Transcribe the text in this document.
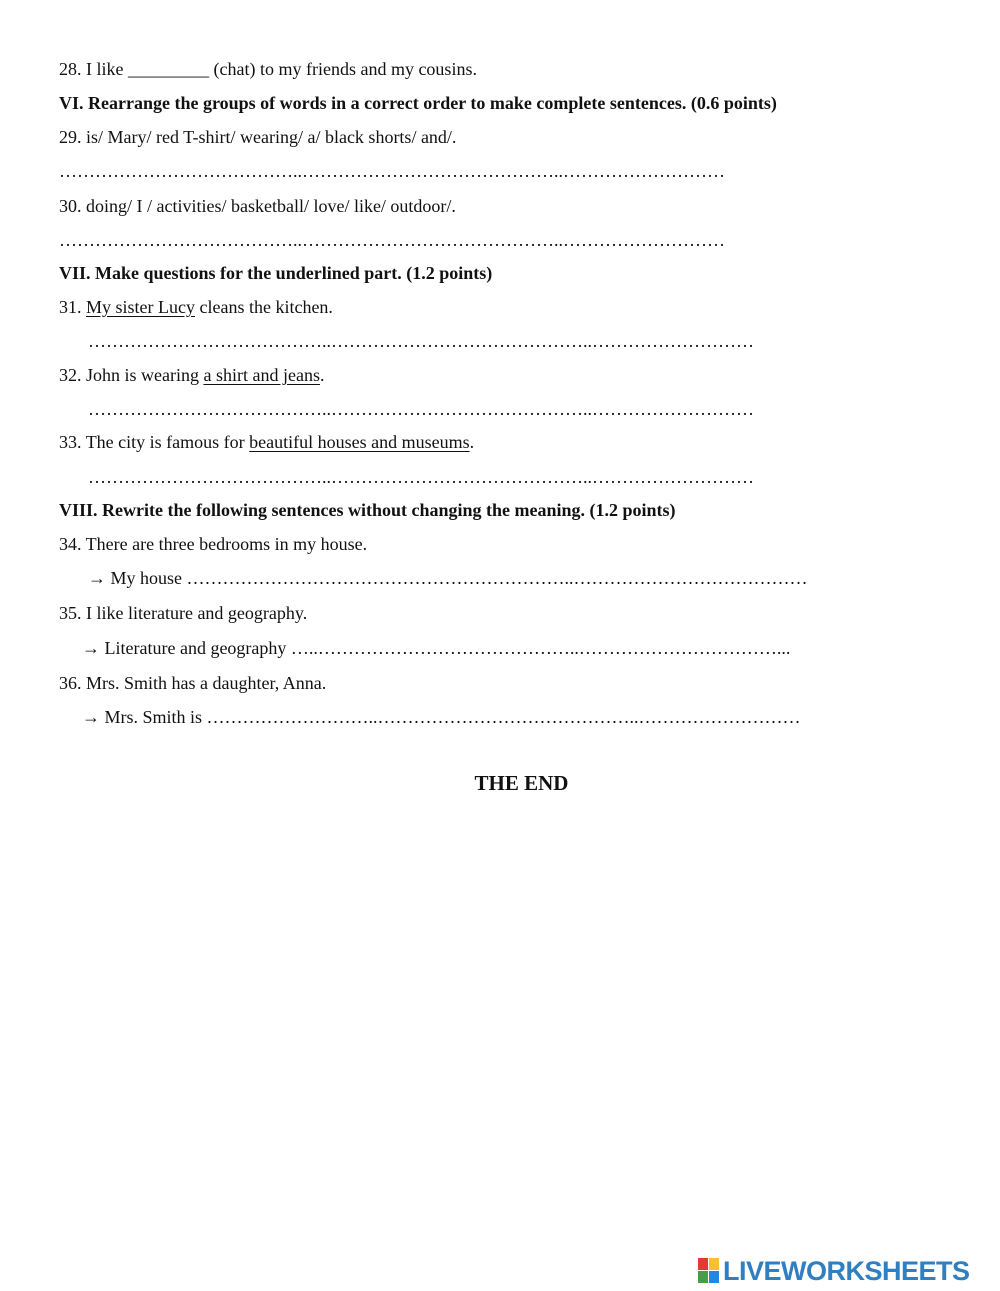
28. I like _________ (chat) to my friends and my cousins.
VI. Rearrange the groups of words in a correct order to make complete sentences. (0.6 points)
29. is/ Mary/ red T-shirt/ wearing/ a/ black shorts/ and/.
…………………………………..……………………………………..………………………
30. doing/ I / activities/ basketball/ love/ like/ outdoor/.
…………………………………..……………………………………..………………………
VII. Make questions for the underlined part. (1.2 points)
31. My sister Lucy cleans the kitchen.
…………………………………..……………………………………..………………………
32. John is wearing a shirt and jeans.
…………………………………..……………………………………..………………………
33. The city is famous for beautiful houses and museums.
…………………………………..……………………………………..………………………
VIII. Rewrite the following sentences without changing the meaning. (1.2 points)
34. There are three bedrooms in my house.
→ My house ………………………………………………………..…………………………………
35. I like literature and geography.
→ Literature and geography …..……………………………………..……………………………...
36. Mrs. Smith has a daughter, Anna.
→ Mrs. Smith is ………………………..……………………………………..………………………
THE END
LIVEWORKSHEETS
